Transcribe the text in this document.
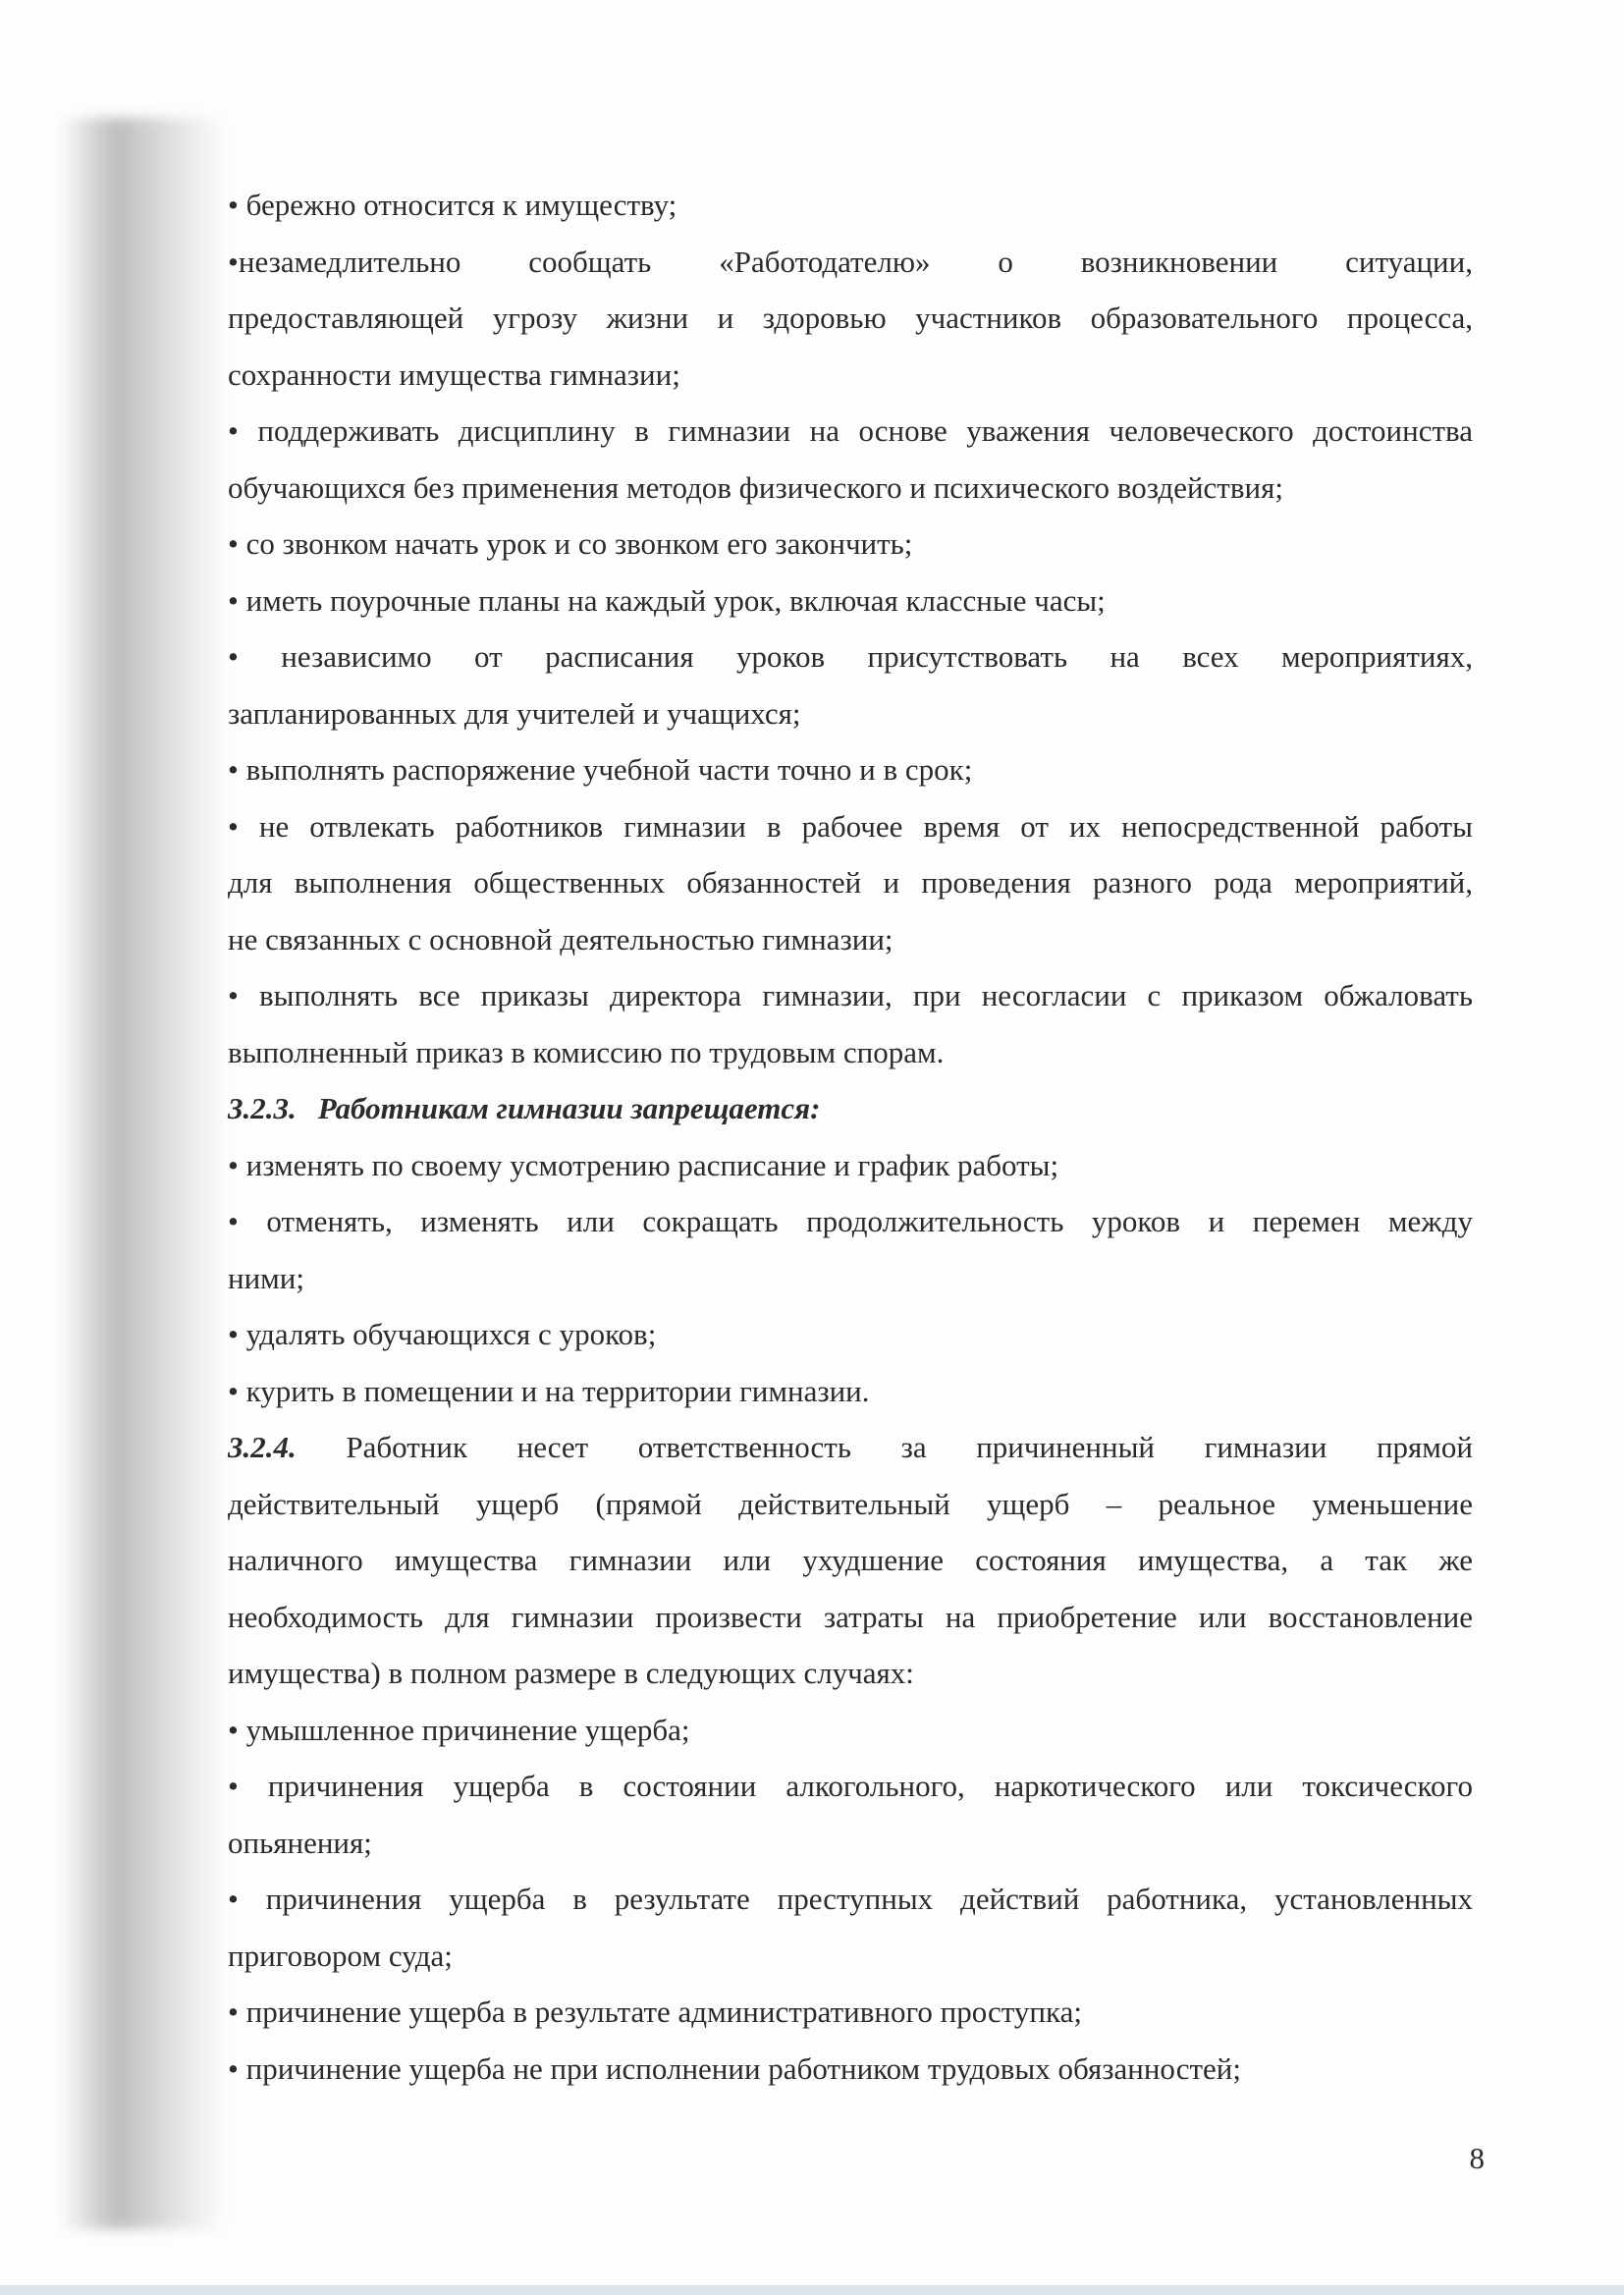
• бережно относится к имуществу;

•незамедлительно сообщать «Работодателю» о возникновении ситуации,

предоставляющей угрозу жизни и здоровью участников образовательного процесса,

сохранности имущества гимназии;

• поддерживать дисциплину в гимназии на основе уважения человеческого достоинства

обучающихся без применения методов физического и психического воздействия;

• со звонком начать урок и со звонком его закончить;

• иметь поурочные планы на каждый урок, включая классные часы;

• независимо от расписания уроков присутствовать на всех мероприятиях,

запланированных для учителей и учащихся;

• выполнять распоряжение учебной части точно и в срок;

• не отвлекать работников гимназии в рабочее время от их непосредственной работы

для выполнения общественных обязанностей и проведения разного рода мероприятий,

не связанных с основной деятельностью гимназии;

• выполнять все приказы директора гимназии, при несогласии с приказом обжаловать

выполненный приказ в комиссию по трудовым спорам.

3.2.3. Работникам гимназии запрещается:

• изменять по своему усмотрению расписание и график работы;

• отменять, изменять или сокращать продолжительность уроков и перемен между

ними;

• удалять обучающихся с уроков;

• курить в помещении и на территории гимназии.

3.2.4. Работник несет ответственность за причиненный гимназии прямой

действительный ущерб (прямой действительный ущерб – реальное уменьшение

наличного имущества гимназии или ухудшение состояния имущества, а так же

необходимость для гимназии произвести затраты на приобретение или восстановление

имущества) в полном размере в следующих случаях:

• умышленное причинение ущерба;

• причинения ущерба в состоянии алкогольного, наркотического или токсического

опьянения;

• причинения ущерба в результате преступных действий работника, установленных

приговором суда;

• причинение ущерба в результате административного проступка;

• причинение ущерба не при исполнении работником трудовых обязанностей;

8
